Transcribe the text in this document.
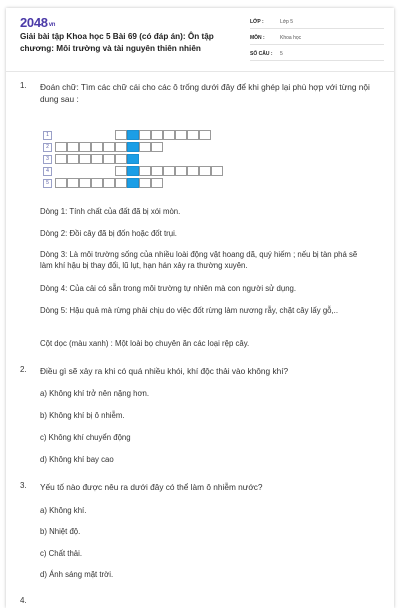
$2048_{vn}$
Giải bài tập Khoa học 5 Bài 69 (có đáp án): Ôn tập chương: Môi trường và tài nguyên thiên nhiên
LỚP :	Lớp 5
MÔN :	Khoa học
SỐ CÂU :	5
1. Đoán chữ: Tìm các chữ cái cho các ô trống dưới đây để khi ghép lại phù hợp với từng nội dung sau :
1
2
3
4
5
Dòng 1: Tính chất của đất đã bị xói mòn.
Dòng 2: Đồi cây đã bị đốn hoặc đốt trụi.
Dòng 3: Là môi trường sống của nhiều loài động vật hoang dã, quý hiếm ; nếu bị tàn phá sẽ làm khí hậu bị thay đổi, lũ lụt, hạn hán xảy ra thường xuyên.
Dòng 4: Của cải có sẵn trong môi trường tự nhiên mà con người sử dụng.
Dòng 5: Hậu quả mà rừng phải chịu do việc đốt rừng làm nương rẫy, chặt cây lấy gỗ,..
Cột dọc (màu xanh) : Một loài bọ chuyên ăn các loại rệp cây.
2. Điều gì sẽ xảy ra khi có quá nhiều khói, khí độc thải vào không khí?
a) Không khí trở nên nặng hơn.
b) Không khí bị ô nhiễm.
c) Không khí chuyển động
d) Không khí bay cao
3. Yếu tố nào được nêu ra dưới đây có thể làm ô nhiễm nước?
a) Không khí.
b) Nhiệt độ.
c) Chất thải.
d) Ánh sáng mặt trời.
4.
